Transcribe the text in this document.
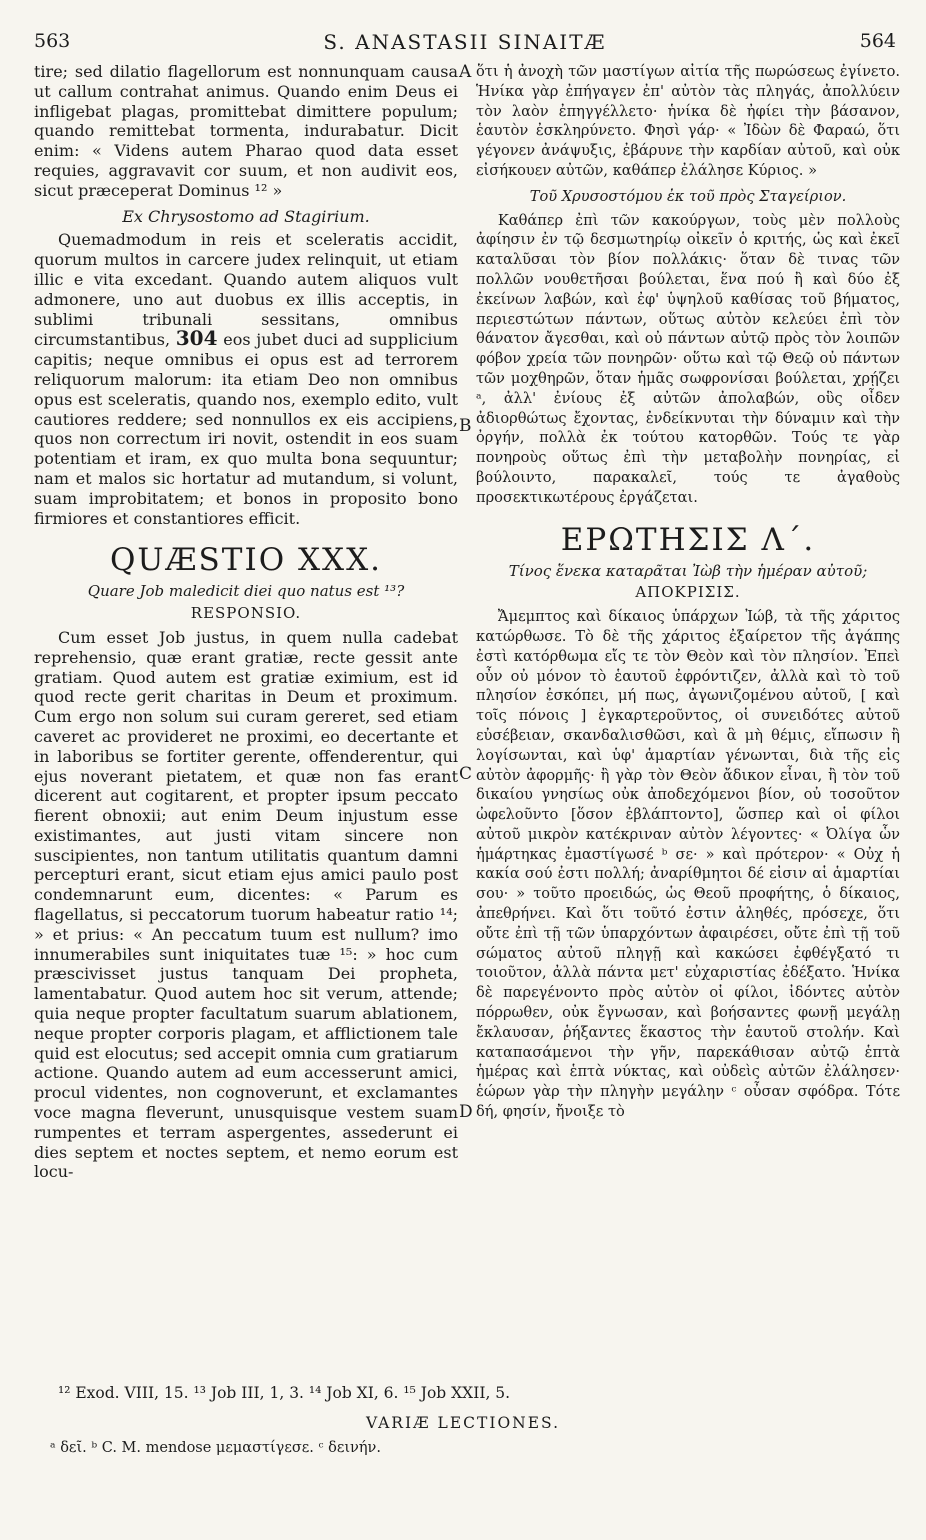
563	S. ANASTASII SINAITÆ	564

tire; sed dilatio flagellorum est nonnunquam causa ut callum contrahat animus. Quando enim Deus ei infligebat plagas, promittebat dimittere populum; quando remittebat tormenta, indurabatur. Dicit enim: « Videns autem Pharao quod data esset requies, aggravavit cor suum, et non audivit eos, sicut præceperat Dominus ¹² »

Ex Chrysostomo ad Stagirium.

Quemadmodum in reis et sceleratis accidit, quorum multos in carcere judex relinquit, ut etiam illic e vita excedant. Quando autem aliquos vult admonere, uno aut duobus ex illis acceptis, in sublimi tribunali sessitans, omnibus circumstantibus, 304 eos jubet duci ad supplicium capitis; neque omnibus ei opus est ad terrorem reliquorum malorum: ita etiam Deo non omnibus opus est sceleratis, quando nos, exemplo edito, vult cautiores reddere; sed nonnullos ex eis accipiens, quos non correctum iri novit, ostendit in eos suam potentiam et iram, ex quo multa bona sequuntur; nam et malos sic hortatur ad mutandum, si volunt, suam improbitatem; et bonos in proposito bono firmiores et constantiores efficit.

QUÆSTIO XXX.

Quare Job maledicit diei quo natus est ¹³?

RESPONSIO.

Cum esset Job justus, in quem nulla cadebat reprehensio, quæ erant gratiæ, recte gessit ante gratiam. Quod autem est gratiæ eximium, est id quod recte gerit charitas in Deum et proximum. Cum ergo non solum sui curam gereret, sed etiam caveret ac provideret ne proximi, eo decertante et in laboribus se fortiter gerente, offenderentur, qui ejus noverant pietatem, et quæ non fas erant dicerent aut cogitarent, et propter ipsum peccato fierent obnoxii; aut enim Deum injustum esse existimantes, aut justi vitam sincere non suscipientes, non tantum utilitatis quantum damni percepturi erant, sicut etiam ejus amici paulo post condemnarunt eum, dicentes: « Parum es flagellatus, si peccatorum tuorum habeatur ratio ¹⁴; » et prius: « An peccatum tuum est nullum? imo innumerabiles sunt iniquitates tuæ ¹⁵: » hoc cum præscivisset justus tanquam Dei propheta, lamentabatur. Quod autem hoc sit verum, attende; quia neque propter facultatum suarum ablationem, neque propter corporis plagam, et afflictionem tale quid est elocutus; sed accepit omnia cum gratiarum actione. Quando autem ad eum accesserunt amici, procul videntes, non cognoverunt, et exclamantes voce magna fleverunt, unusquisque vestem suam rumpentes et terram aspergentes, assederunt ei dies septem et noctes septem, et nemo eorum est locu-

A
B
C
D

ὅτι ἡ ἀνοχὴ τῶν μαστίγων αἰτία τῆς πωρώσεως ἐγίνετο. Ἡνίκα γὰρ ἐπήγαγεν ἐπ' αὐτὸν τὰς πληγάς, ἀπολλύειν τὸν λαὸν ἐπηγγέλλετο· ἡνίκα δὲ ἠφίει τὴν βάσανον, ἑαυτὸν ἐσκληρύνετο. Φησὶ γάρ· « Ἰδὼν δὲ Φαραώ, ὅτι γέγονεν ἀνάψυξις, ἐβάρυνε τὴν καρδίαν αὐτοῦ, καὶ οὐκ εἰσήκουεν αὐτῶν, καθάπερ ἐλάλησε Κύριος. »

Τοῦ Χρυσοστόμου ἐκ τοῦ πρὸς Σταγείριον.

Καθάπερ ἐπὶ τῶν κακούργων, τοὺς μὲν πολλοὺς ἀφίησιν ἐν τῷ δεσμωτηρίῳ οἰκεῖν ὁ κριτής, ὡς καὶ ἐκεῖ καταλῦσαι τὸν βίον πολλάκις· ὅταν δὲ τινας τῶν πολλῶν νουθετῆσαι βούλεται, ἕνα πού ἢ καὶ δύο ἐξ ἐκείνων λαβών, καὶ ἐφ' ὑψηλοῦ καθίσας τοῦ βήματος, περιεστώτων πάντων, οὕτως αὐτὸν κελεύει ἐπὶ τὸν θάνατον ἄγεσθαι, καὶ οὐ πάντων αὐτῷ πρὸς τὸν λοιπῶν φόβον χρεία τῶν πονηρῶν· οὕτω καὶ τῷ Θεῷ οὐ πάντων τῶν μοχθηρῶν, ὅταν ἡμᾶς σωφρονίσαι βούλεται, χρῄζει ᵃ, ἀλλ' ἐνίους ἐξ αὐτῶν ἀπολαβών, οὓς οἶδεν ἀδιορθώτως ἔχοντας, ἐνδείκνυται τὴν δύναμιν καὶ τὴν ὀργήν, πολλὰ ἐκ τούτου κατορθῶν. Τούς τε γὰρ πονηροὺς οὕτως ἐπὶ τὴν μεταβολὴν πονηρίας, εἰ βούλοιντο, παρακαλεῖ, τούς τε ἀγαθοὺς προσεκτικωτέρους ἐργάζεται.

ΕΡΩΤΗΣΙΣ Λ΄.

Τίνος ἕνεκα καταρᾶται Ἰὼβ τὴν ἡμέραν αὐτοῦ;

ΑΠΟΚΡΙΣΙΣ.

Ἄμεμπτος καὶ δίκαιος ὑπάρχων Ἰώβ, τὰ τῆς χάριτος κατώρθωσε. Τὸ δὲ τῆς χάριτος ἐξαίρετον τῆς ἀγάπης ἐστὶ κατόρθωμα εἴς τε τὸν Θεὸν καὶ τὸν πλησίον. Ἐπεὶ οὖν οὐ μόνον τὸ ἑαυτοῦ ἐφρόντιζεν, ἀλλὰ καὶ τὸ τοῦ πλησίον ἐσκόπει, μή πως, ἀγωνιζομένου αὐτοῦ, [ καὶ τοῖς πόνοις ] ἐγκαρτεροῦντος, οἱ συνειδότες αὐτοῦ εὐσέβειαν, σκανδαλισθῶσι, καὶ ἃ μὴ θέμις, εἴπωσιν ἢ λογίσωνται, καὶ ὑφ' ἁμαρτίαν γένωνται, διὰ τῆς εἰς αὐτὸν ἀφορμῆς· ἢ γὰρ τὸν Θεὸν ἄδικον εἶναι, ἢ τὸν τοῦ δικαίου γνησίως οὐκ ἀποδεχόμενοι βίον, οὐ τοσοῦτον ὠφελοῦντο [ὅσον ἐβλάπτοντο], ὥσπερ καὶ οἱ φίλοι αὐτοῦ μικρὸν κατέκριναν αὐτὸν λέγοντες· « Ὀλίγα ὧν ἡμάρτηκας ἐμαστίγωσέ ᵇ σε· » καὶ πρότερον· « Οὐχ ἡ κακία σού ἐστι πολλή; ἀναρίθμητοι δέ εἰσιν αἱ ἁμαρτίαι σου· » τοῦτο προειδώς, ὡς Θεοῦ προφήτης, ὁ δίκαιος, ἀπεθρήνει. Καὶ ὅτι τοῦτό ἐστιν ἀληθές, πρόσεχε, ὅτι οὔτε ἐπὶ τῇ τῶν ὑπαρχόντων ἀφαιρέσει, οὔτε ἐπὶ τῇ τοῦ σώματος αὐτοῦ πληγῇ καὶ κακώσει ἐφθέγξατό τι τοιοῦτον, ἀλλὰ πάντα μετ' εὐχαριστίας ἐδέξατο. Ἡνίκα δὲ παρεγένοντο πρὸς αὐτὸν οἱ φίλοι, ἰδόντες αὐτὸν πόρρωθεν, οὐκ ἔγνωσαν, καὶ βοήσαντες φωνῇ μεγάλῃ ἔκλαυσαν, ῥήξαντες ἕκαστος τὴν ἑαυτοῦ στολήν. Καὶ καταπασάμενοι τὴν γῆν, παρεκάθισαν αὐτῷ ἑπτὰ ἡμέρας καὶ ἑπτὰ νύκτας, καὶ οὐδεὶς αὐτῶν ἐλάλησεν· ἑώρων γὰρ τὴν πληγὴν μεγάλην ᶜ οὖσαν σφόδρα. Τότε δή, φησίν, ἤνοιξε τὸ

¹² Exod. VIII, 15. ¹³ Job III, 1, 3. ¹⁴ Job XI, 6. ¹⁵ Job XXII, 5.
VARIÆ LECTIONES.
ᵃ δεῖ. ᵇ C. M. mendose μεμαστίγεσε. ᶜ δεινήν.
